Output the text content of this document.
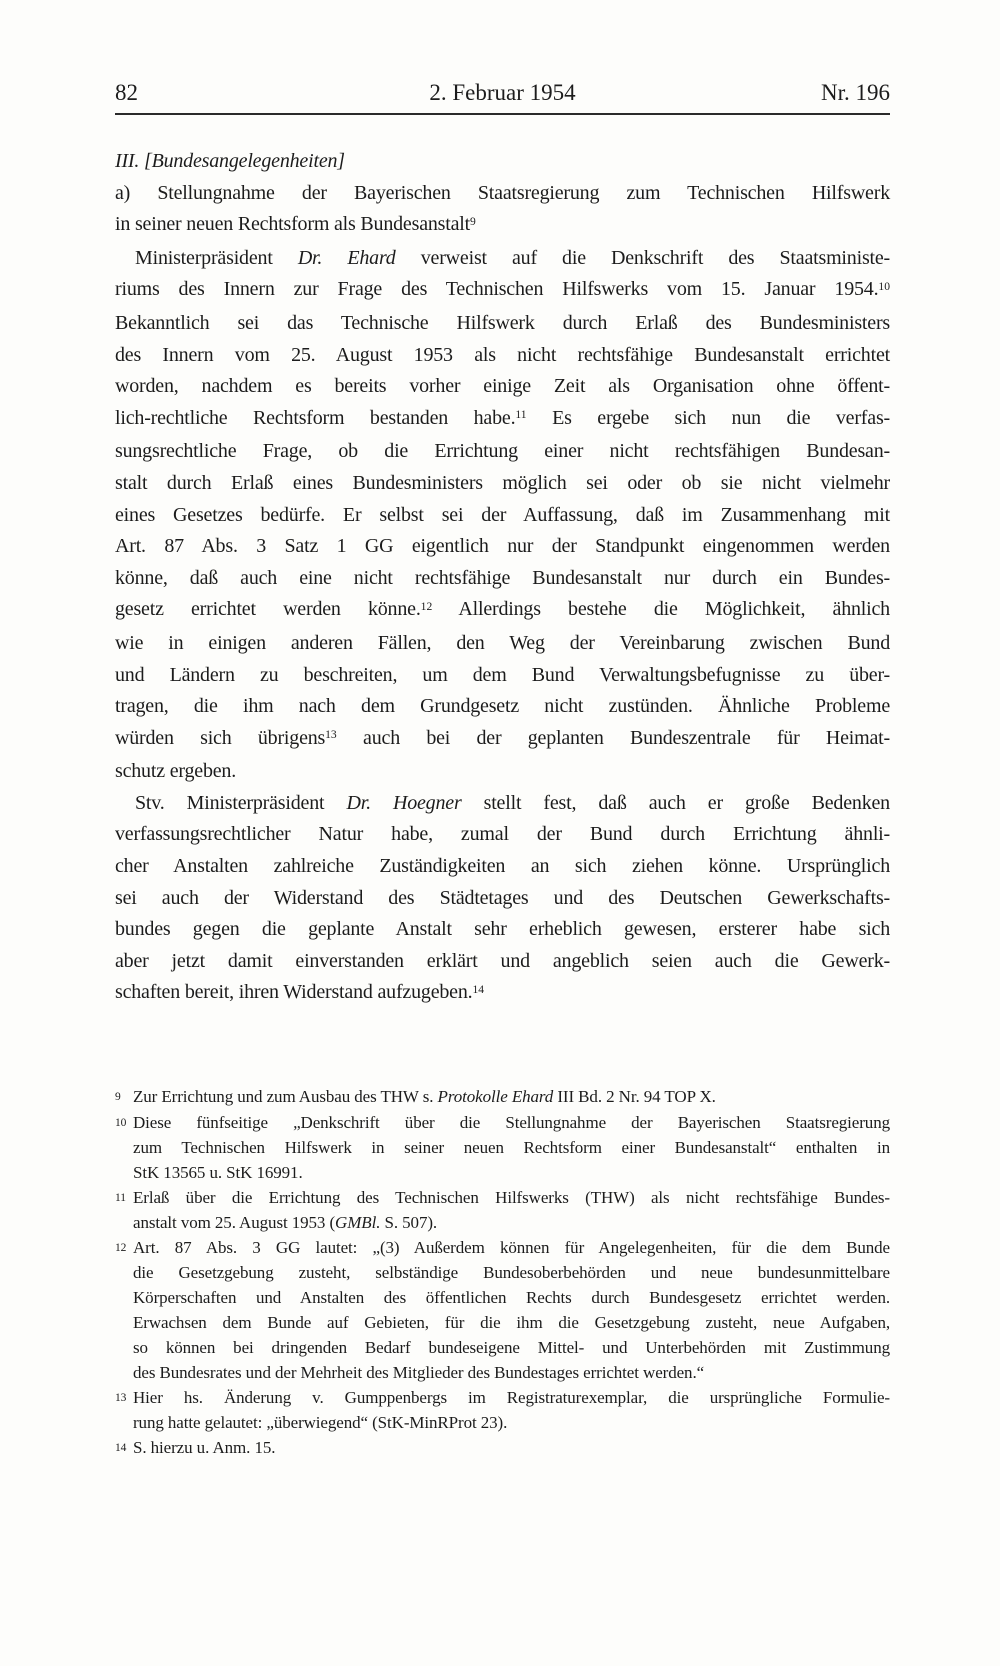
82	2. Februar 1954	Nr. 196
III. [Bundesangelegenheiten]
a) Stellungnahme der Bayerischen Staatsregierung zum Technischen Hilfswerk
in seiner neuen Rechtsform als Bundesanstalt$^9$
Ministerpräsident Dr. Ehard verweist auf die Denkschrift des Staatsministe-
riums des Innern zur Frage des Technischen Hilfswerks vom 15. Januar 1954.10
Bekanntlich sei das Technische Hilfswerk durch Erlaß des Bundesministers
des Innern vom 25. August 1953 als nicht rechtsfähige Bundesanstalt errichtet
worden, nachdem es bereits vorher einige Zeit als Organisation ohne öffent-
lich-rechtliche Rechtsform bestanden habe.$^{11}$ Es ergebe sich nun die verfas-
sungsrechtliche Frage, ob die Errichtung einer nicht rechtsfähigen Bundesan-
stalt durch Erlaß eines Bundesministers möglich sei oder ob sie nicht vielmehr
eines Gesetzes bedürfe. Er selbst sei der Auffassung, daß im Zusammenhang mit
Art. 87 Abs. 3 Satz 1 GG eigentlich nur der Standpunkt eingenommen werden
könne, daß auch eine nicht rechtsfähige Bundesanstalt nur durch ein Bundes-
gesetz errichtet werden könne.$^{12}$ Allerdings bestehe die Möglichkeit, ähnlich
wie in einigen anderen Fällen, den Weg der Vereinbarung zwischen Bund
und Ländern zu beschreiten, um dem Bund Verwaltungsbefugnisse zu über-
tragen, die ihm nach dem Grundgesetz nicht zustünden. Ähnliche Probleme
würden sich übrigens$^{13}$ auch bei der geplanten Bundeszentrale für Heimat-
schutz ergeben.
Stv. Ministerpräsident Dr. Hoegner stellt fest, daß auch er große Bedenken
verfassungsrechtlicher Natur habe, zumal der Bund durch Errichtung ähnli-
cher Anstalten zahlreiche Zuständigkeiten an sich ziehen könne. Ursprünglich
sei auch der Widerstand des Städtetages und des Deutschen Gewerkschafts-
bundes gegen die geplante Anstalt sehr erheblich gewesen, ersterer habe sich
aber jetzt damit einverstanden erklärt und angeblich seien auch die Gewerk-
schaften bereit, ihren Widerstand aufzugeben.$^{14}$
9 Zur Errichtung und zum Ausbau des THW s. Protokolle Ehard III Bd. 2 Nr. 94 TOP X.
10 Diese fünfseitige „Denkschrift über die Stellungnahme der Bayerischen Staatsregierung
zum Technischen Hilfswerk in seiner neuen Rechtsform einer Bundesanstalt“ enthalten in
StK 13565 u. StK 16991.
11 Erlaß über die Errichtung des Technischen Hilfswerks (THW) als nicht rechtsfähige Bundes-
anstalt vom 25. August 1953 (GMBl. S. 507).
12 Art. 87 Abs. 3 GG lautet: „(3) Außerdem können für Angelegenheiten, für die dem Bunde
die Gesetzgebung zusteht, selbständige Bundesoberbehörden und neue bundesunmittelbare
Körperschaften und Anstalten des öffentlichen Rechts durch Bundesgesetz errichtet werden.
Erwachsen dem Bunde auf Gebieten, für die ihm die Gesetzgebung zusteht, neue Aufgaben,
so können bei dringenden Bedarf bundeseigene Mittel- und Unterbehörden mit Zustimmung
des Bundesrates und der Mehrheit des Mitglieder des Bundestages errichtet werden.“
13 Hier hs. Änderung v. Gumppenbergs im Registraturexemplar, die ursprüngliche Formulie-
rung hatte gelautet: „überwiegend“ (StK-MinRProt 23).
14 S. hierzu u. Anm. 15.
